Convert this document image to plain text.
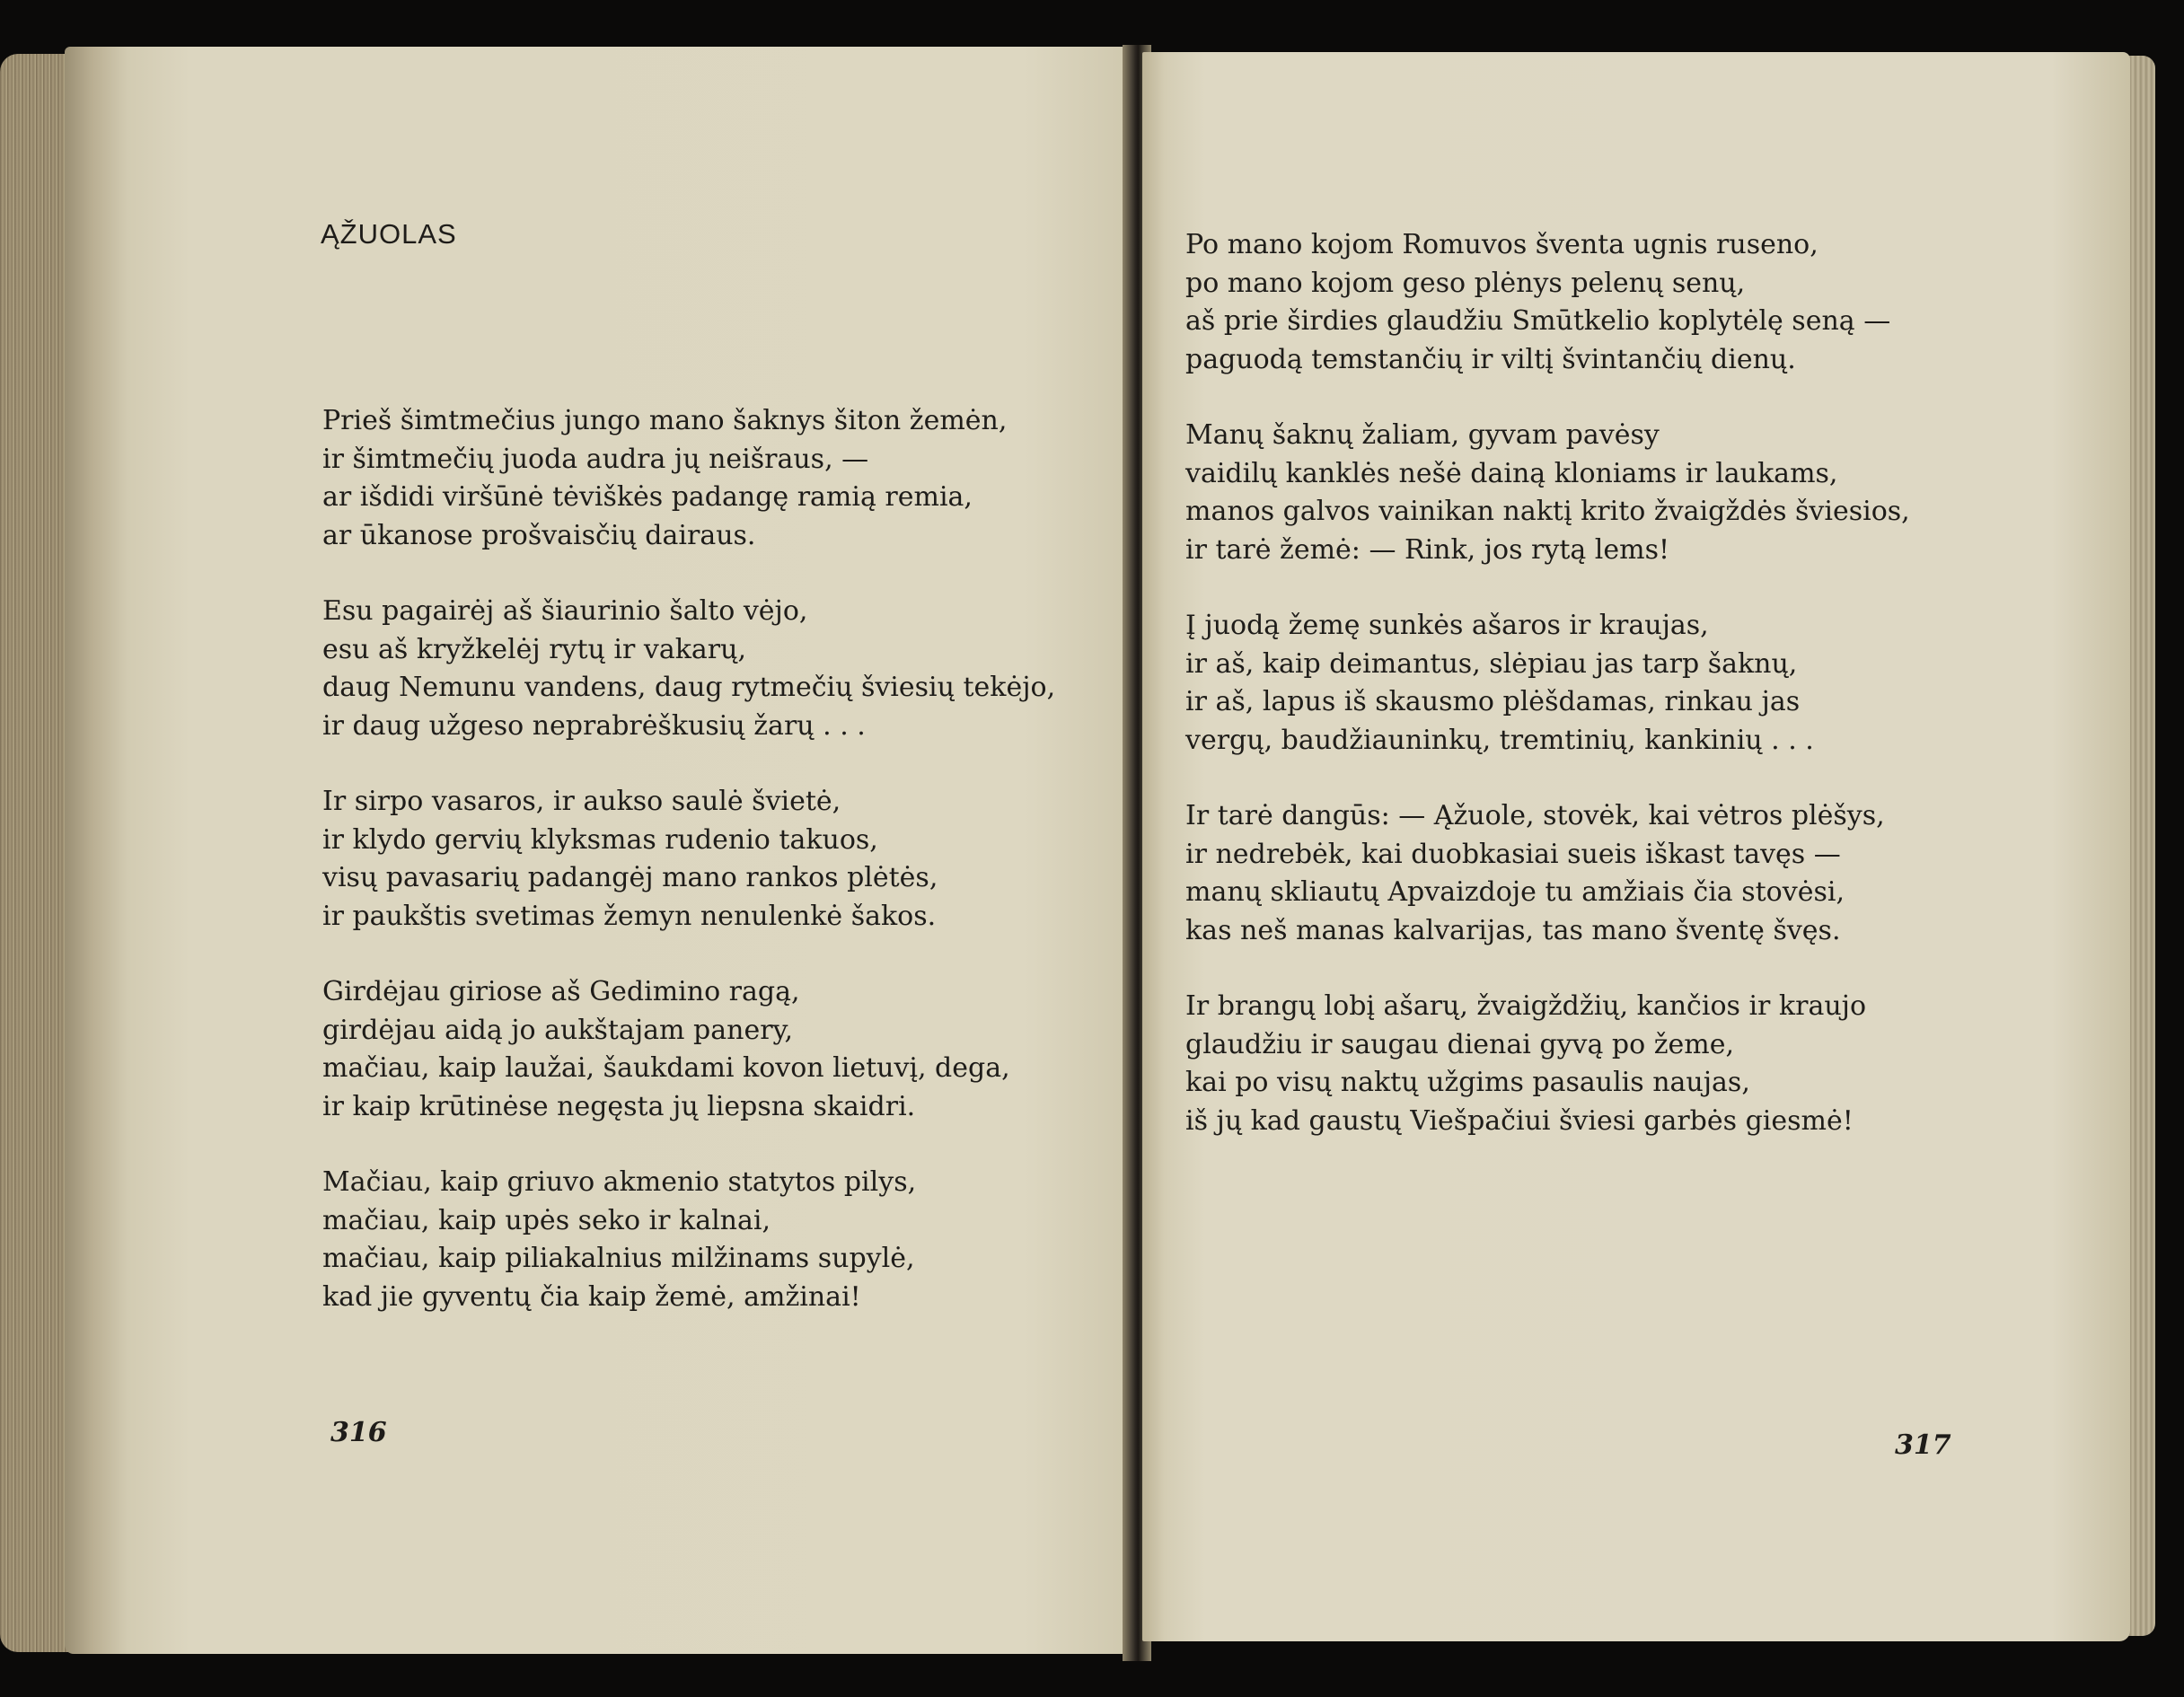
ĄŽUOLAS
Prieš šimtmečius jungo mano šaknys šiton žemėn,
ir šimtmečių juoda audra jų neišraus, —
ar išdidi viršūnė tėviškės padangę ramią remia,
ar ūkanose prošvaisčių dairaus.
Esu pagairėj aš šiaurinio šalto vėjo,
esu aš kryžkelėj rytų ir vakarų,
daug Nemunu vandens, daug rytmečių šviesių tekėjo,
ir daug užgeso neprabrėškusių žarų . . .
Ir sirpo vasaros, ir aukso saulė švietė,
ir klydo gervių klyksmas rudenio takuos,
visų pavasarių padangėj mano rankos plėtės,
ir paukštis svetimas žemyn nenulenkė šakos.
Girdėjau giriose aš Gedimino ragą,
girdėjau aidą jo aukštajam panery,
mačiau, kaip laužai, šaukdami kovon lietuvį, dega,
ir kaip krūtinėse negęsta jų liepsna skaidri.
Mačiau, kaip griuvo akmenio statytos pilys,
mačiau, kaip upės seko ir kalnai,
mačiau, kaip piliakalnius milžinams supylė,
kad jie gyventų čia kaip žemė, amžinai!
316
Po mano kojom Romuvos šventa ugnis ruseno,
po mano kojom geso plėnys pelenų senų,
aš prie širdies glaudžiu Smūtkelio koplytėlę seną —
paguodą temstančių ir viltį švintančių dienų.
Manų šaknų žaliam, gyvam pavėsy
vaidilų kanklės nešė dainą kloniams ir laukams,
manos galvos vainikan naktį krito žvaigždės šviesios,
ir tarė žemė: — Rink, jos rytą lems!
Į juodą žemę sunkės ašaros ir kraujas,
ir aš, kaip deimantus, slėpiau jas tarp šaknų,
ir aš, lapus iš skausmo plėšdamas, rinkau jas
vergų, baudžiauninkų, tremtinių, kankinių . . .
Ir tarė dangūs: — Ąžuole, stovėk, kai vėtros plėšys,
ir nedrebėk, kai duobkasiai sueis iškast tavęs —
manų skliautų Apvaizdoje tu amžiais čia stovėsi,
kas neš manas kalvarijas, tas mano šventę švęs.
Ir brangų lobį ašarų, žvaigždžių, kančios ir kraujo
glaudžiu ir saugau dienai gyvą po žeme,
kai po visų naktų užgims pasaulis naujas,
iš jų kad gaustų Viešpačiui šviesi garbės giesmė!
317
